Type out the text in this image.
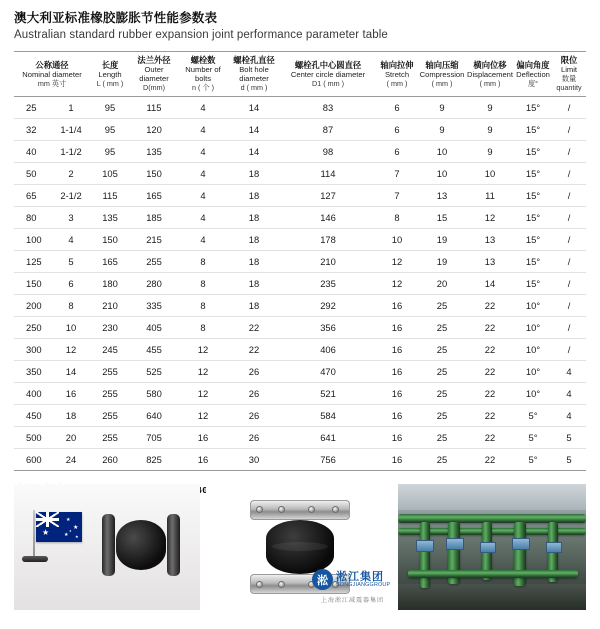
澳大利亚标准橡胶膨胀节性能参数表
Australian standard rubber expansion joint performance parameter table
公称通径
Nominal diameter
mm 英寸		长度
Length
L ( mm )	法兰外径
Outer diameter
D(mm)	螺栓数
Number of bolts
n ( 个 )	螺栓孔直径
Bolt hole diameter
d ( mm )	螺栓孔中心圆直径
Center circle diameter
D1 ( mm )	轴向拉伸
Stretch
( mm )	轴向压缩
Compression
( mm )	横向位移
Displacement
( mm )	偏向角度
Deflection
度°	限位
Limit
数量 quantity

25	1	95	115	4	14	83	6	9	9	15°	/
32	1-1/4	95	120	4	14	87	6	9	9	15°	/
40	1-1/2	95	135	4	14	98	6	10	9	15°	/
50	2	105	150	4	18	114	7	10	10	15°	/
65	2-1/2	115	165	4	18	127	7	13	11	15°	/
80	3	135	185	4	18	146	8	15	12	15°	/
100	4	150	215	4	18	178	10	19	13	15°	/
125	5	165	255	8	18	210	12	19	13	15°	/
150	6	180	280	8	18	235	12	20	14	15°	/
200	8	210	335	8	18	292	16	25	22	10°	/
250	10	230	405	8	22	356	16	25	22	10°	/
300	12	245	455	12	22	406	16	25	22	10°	/
350	14	255	525	12	26	470	16	25	22	10°	4
400	16	255	580	12	26	521	16	25	22	10°	4
450	18	255	640	12	26	584	16	25	22	5°	4
500	20	255	705	16	26	641	16	25	22	5°	5
600	24	260	825	16	30	756	16	25	22	5°	5
★
★
★
★ ★
★
淞 淞江集团
SONGJIANGGROUP
上海淞江减震器集团
